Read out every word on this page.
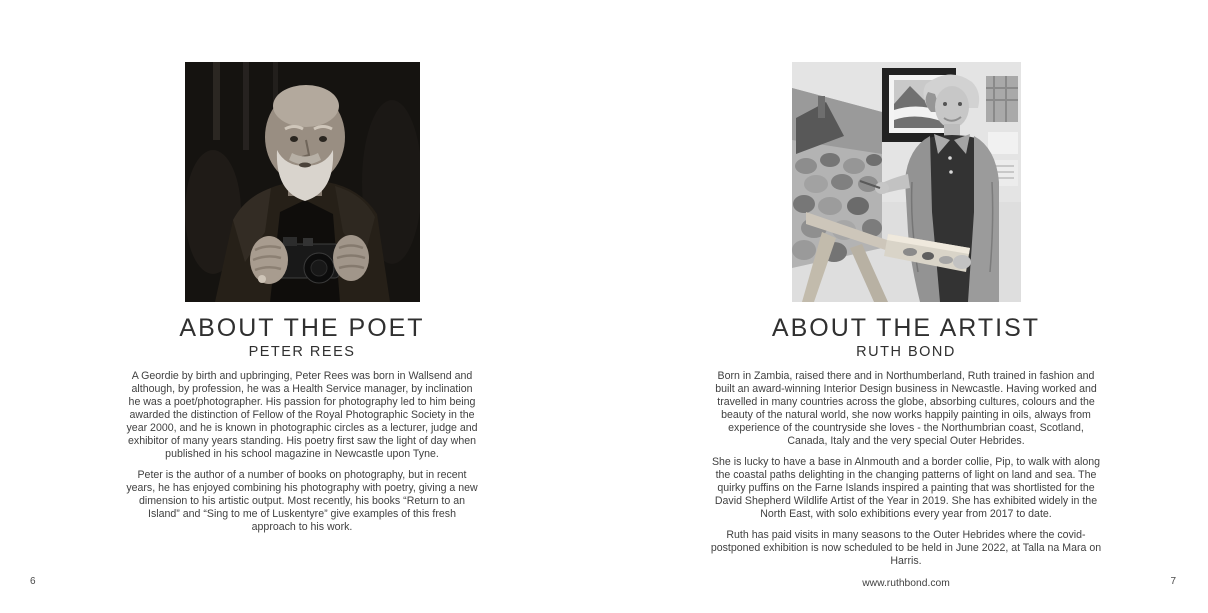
ABOUT THE POET
PETER REES

A Geordie by birth and upbringing, Peter Rees was born in Wallsend and although, by profession, he was a Health Service manager, by inclination he was a poet/photographer. His passion for photography led to him being awarded the distinction of Fellow of the Royal Photographic Society in the year 2000, and he is known in photographic circles as a lecturer, judge and exhibitor of many years standing. His poetry first saw the light of day when published in his school magazine in Newcastle upon Tyne.

Peter is the author of a number of books on photography, but in recent years, he has enjoyed combining his photography with poetry, giving a new dimension to his artistic output. Most recently, his books “Return to an Island” and “Sing to me of Luskentyre” give examples of this fresh approach to his work.

6
ABOUT THE ARTIST
RUTH BOND

Born in Zambia, raised there and in Northumberland, Ruth trained in fashion and built an award-winning Interior Design business in Newcastle. Having worked and travelled in many countries across the globe, absorbing cultures, colours and the beauty of the natural world, she now works happily painting in oils, always from experience of the countryside she loves - the Northumbrian coast, Scotland, Canada, Italy and the very special Outer Hebrides.

She is lucky to have a base in Alnmouth and a border collie, Pip, to walk with along the coastal paths delighting in the changing patterns of light on land and sea. The quirky puffins on the Farne Islands inspired a painting that was shortlisted for the David Shepherd Wildlife Artist of the Year in 2019. She has exhibited widely in the North East, with solo exhibitions every year from 2017 to date.

Ruth has paid visits in many seasons to the Outer Hebrides where the covid-postponed exhibition is now scheduled to be held in June 2022, at Talla na Mara on Harris.

www.ruthbond.com	7
